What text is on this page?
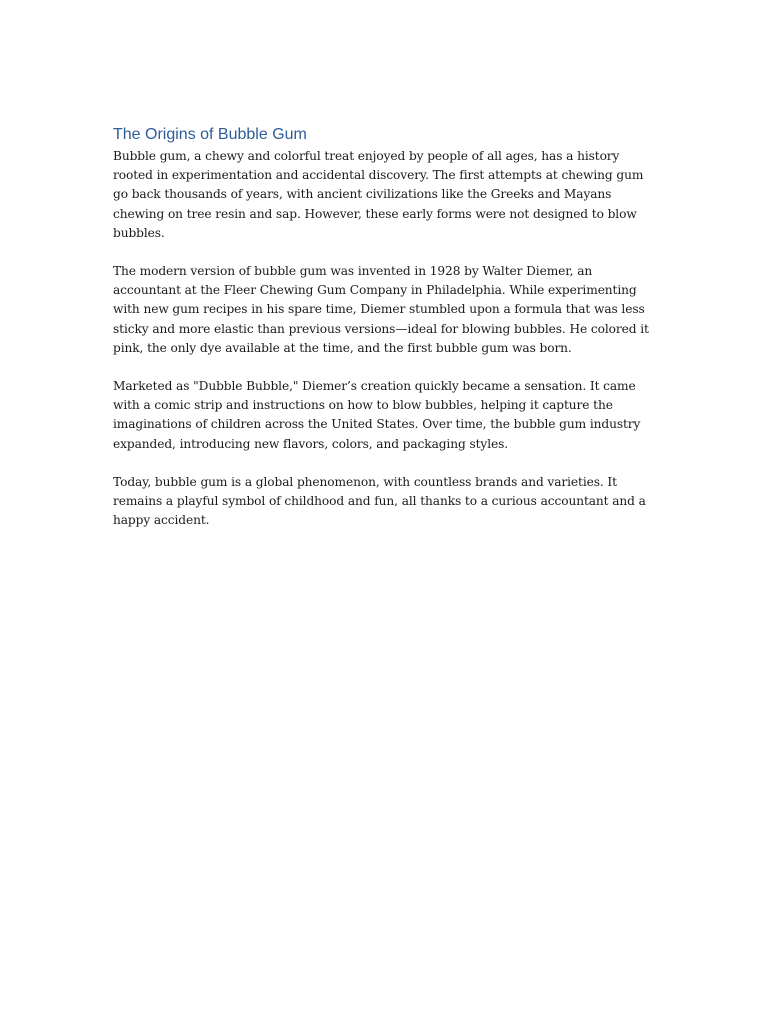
The Origins of Bubble Gum

Bubble gum, a chewy and colorful treat enjoyed by people of all ages, has a history rooted in experimentation and accidental discovery. The first attempts at chewing gum go back thousands of years, with ancient civilizations like the Greeks and Mayans chewing on tree resin and sap. However, these early forms were not designed to blow bubbles.

The modern version of bubble gum was invented in 1928 by Walter Diemer, an accountant at the Fleer Chewing Gum Company in Philadelphia. While experimenting with new gum recipes in his spare time, Diemer stumbled upon a formula that was less sticky and more elastic than previous versions—ideal for blowing bubbles. He colored it pink, the only dye available at the time, and the first bubble gum was born.

Marketed as "Dubble Bubble," Diemer’s creation quickly became a sensation. It came with a comic strip and instructions on how to blow bubbles, helping it capture the imaginations of children across the United States. Over time, the bubble gum industry expanded, introducing new flavors, colors, and packaging styles.

Today, bubble gum is a global phenomenon, with countless brands and varieties. It remains a playful symbol of childhood and fun, all thanks to a curious accountant and a happy accident.
